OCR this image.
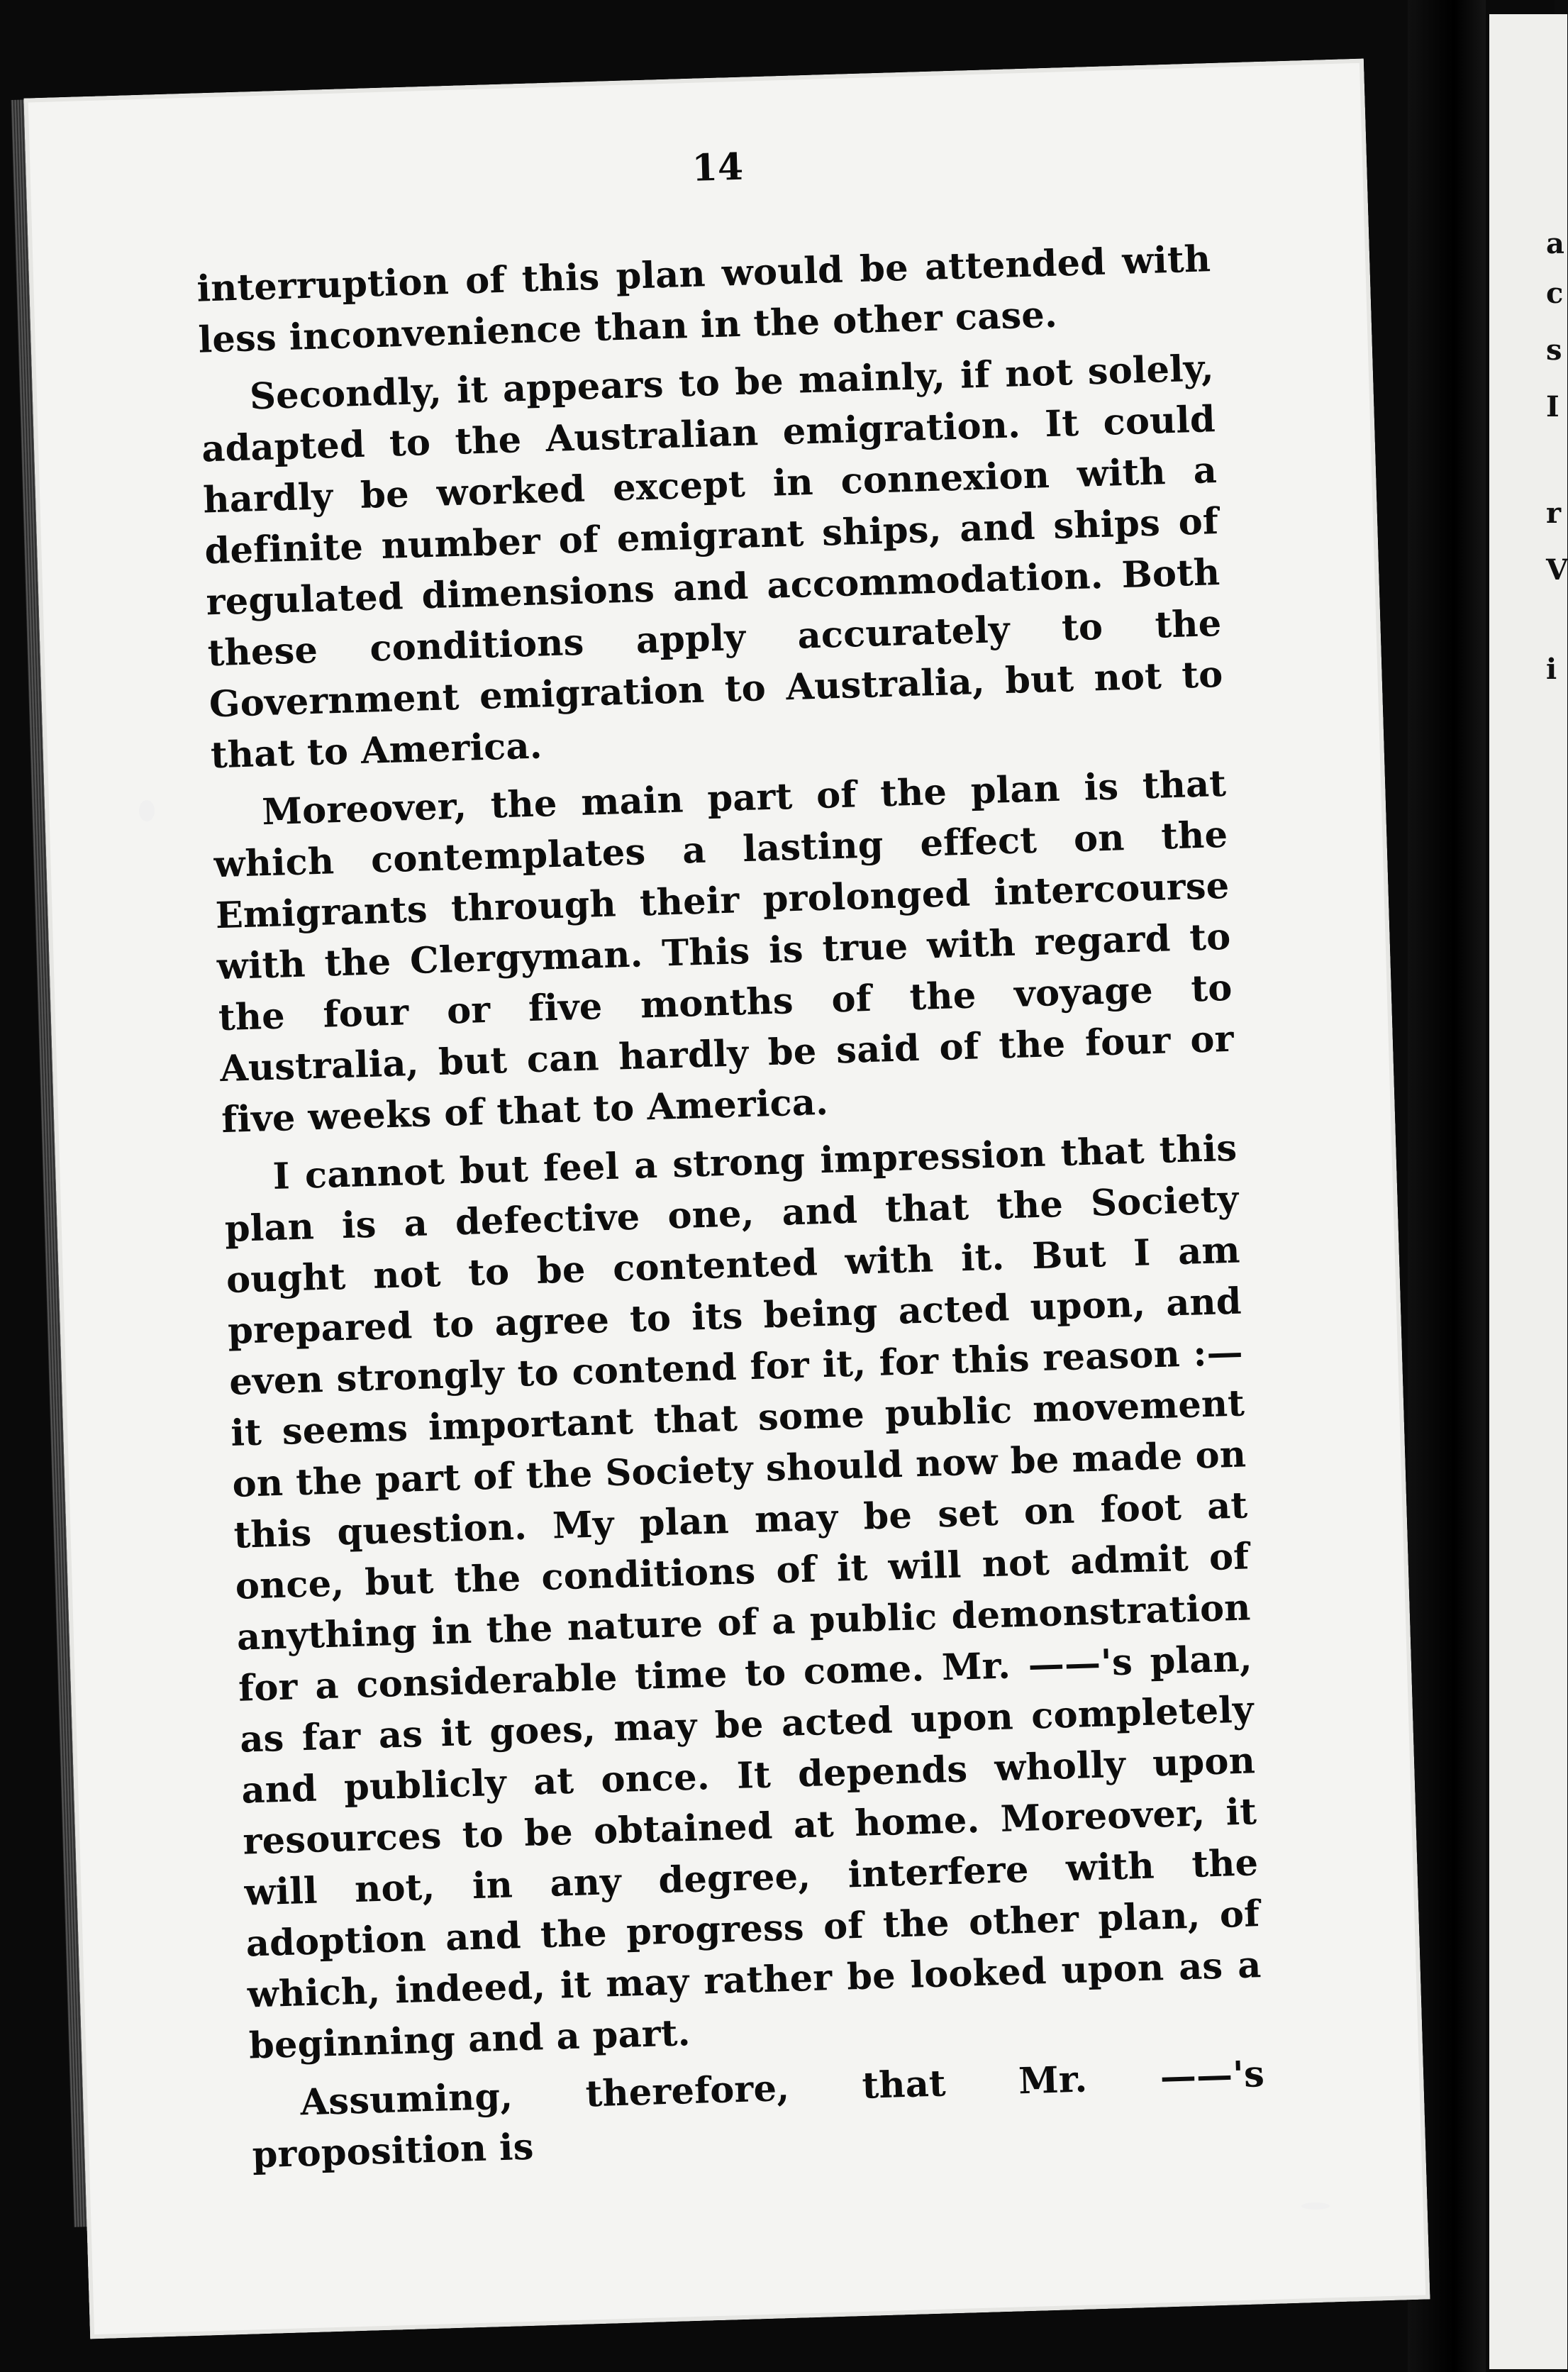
a
c
s
I
r
V
i
14

interruption of this plan would be attended with less inconvenience than in the other case.

Secondly, it appears to be mainly, if not solely, adapted to the Australian emigration. It could hardly be worked except in connexion with a definite number of emigrant ships, and ships of regulated dimensions and accommodation. Both these conditions apply accurately to the Government emigration to Australia, but not to that to America.

Moreover, the main part of the plan is that which contemplates a lasting effect on the Emigrants through their prolonged intercourse with the Clergyman. This is true with regard to the four or five months of the voyage to Australia, but can hardly be said of the four or five weeks of that to America.

I cannot but feel a strong impression that this plan is a defective one, and that the Society ought not to be contented with it. But I am prepared to agree to its being acted upon, and even strongly to contend for it, for this reason :—it seems important that some public movement on the part of the Society should now be made on this question. My plan may be set on foot at once, but the conditions of it will not admit of anything in the nature of a public demonstration for a considerable time to come. Mr. ——'s plan, as far as it goes, may be acted upon completely and publicly at once. It depends wholly upon resources to be obtained at home. Moreover, it will not, in any degree, interfere with the adoption and the progress of the other plan, of which, indeed, it may rather be looked upon as a beginning and a part.

Assuming, therefore, that Mr. ——'s proposition is
